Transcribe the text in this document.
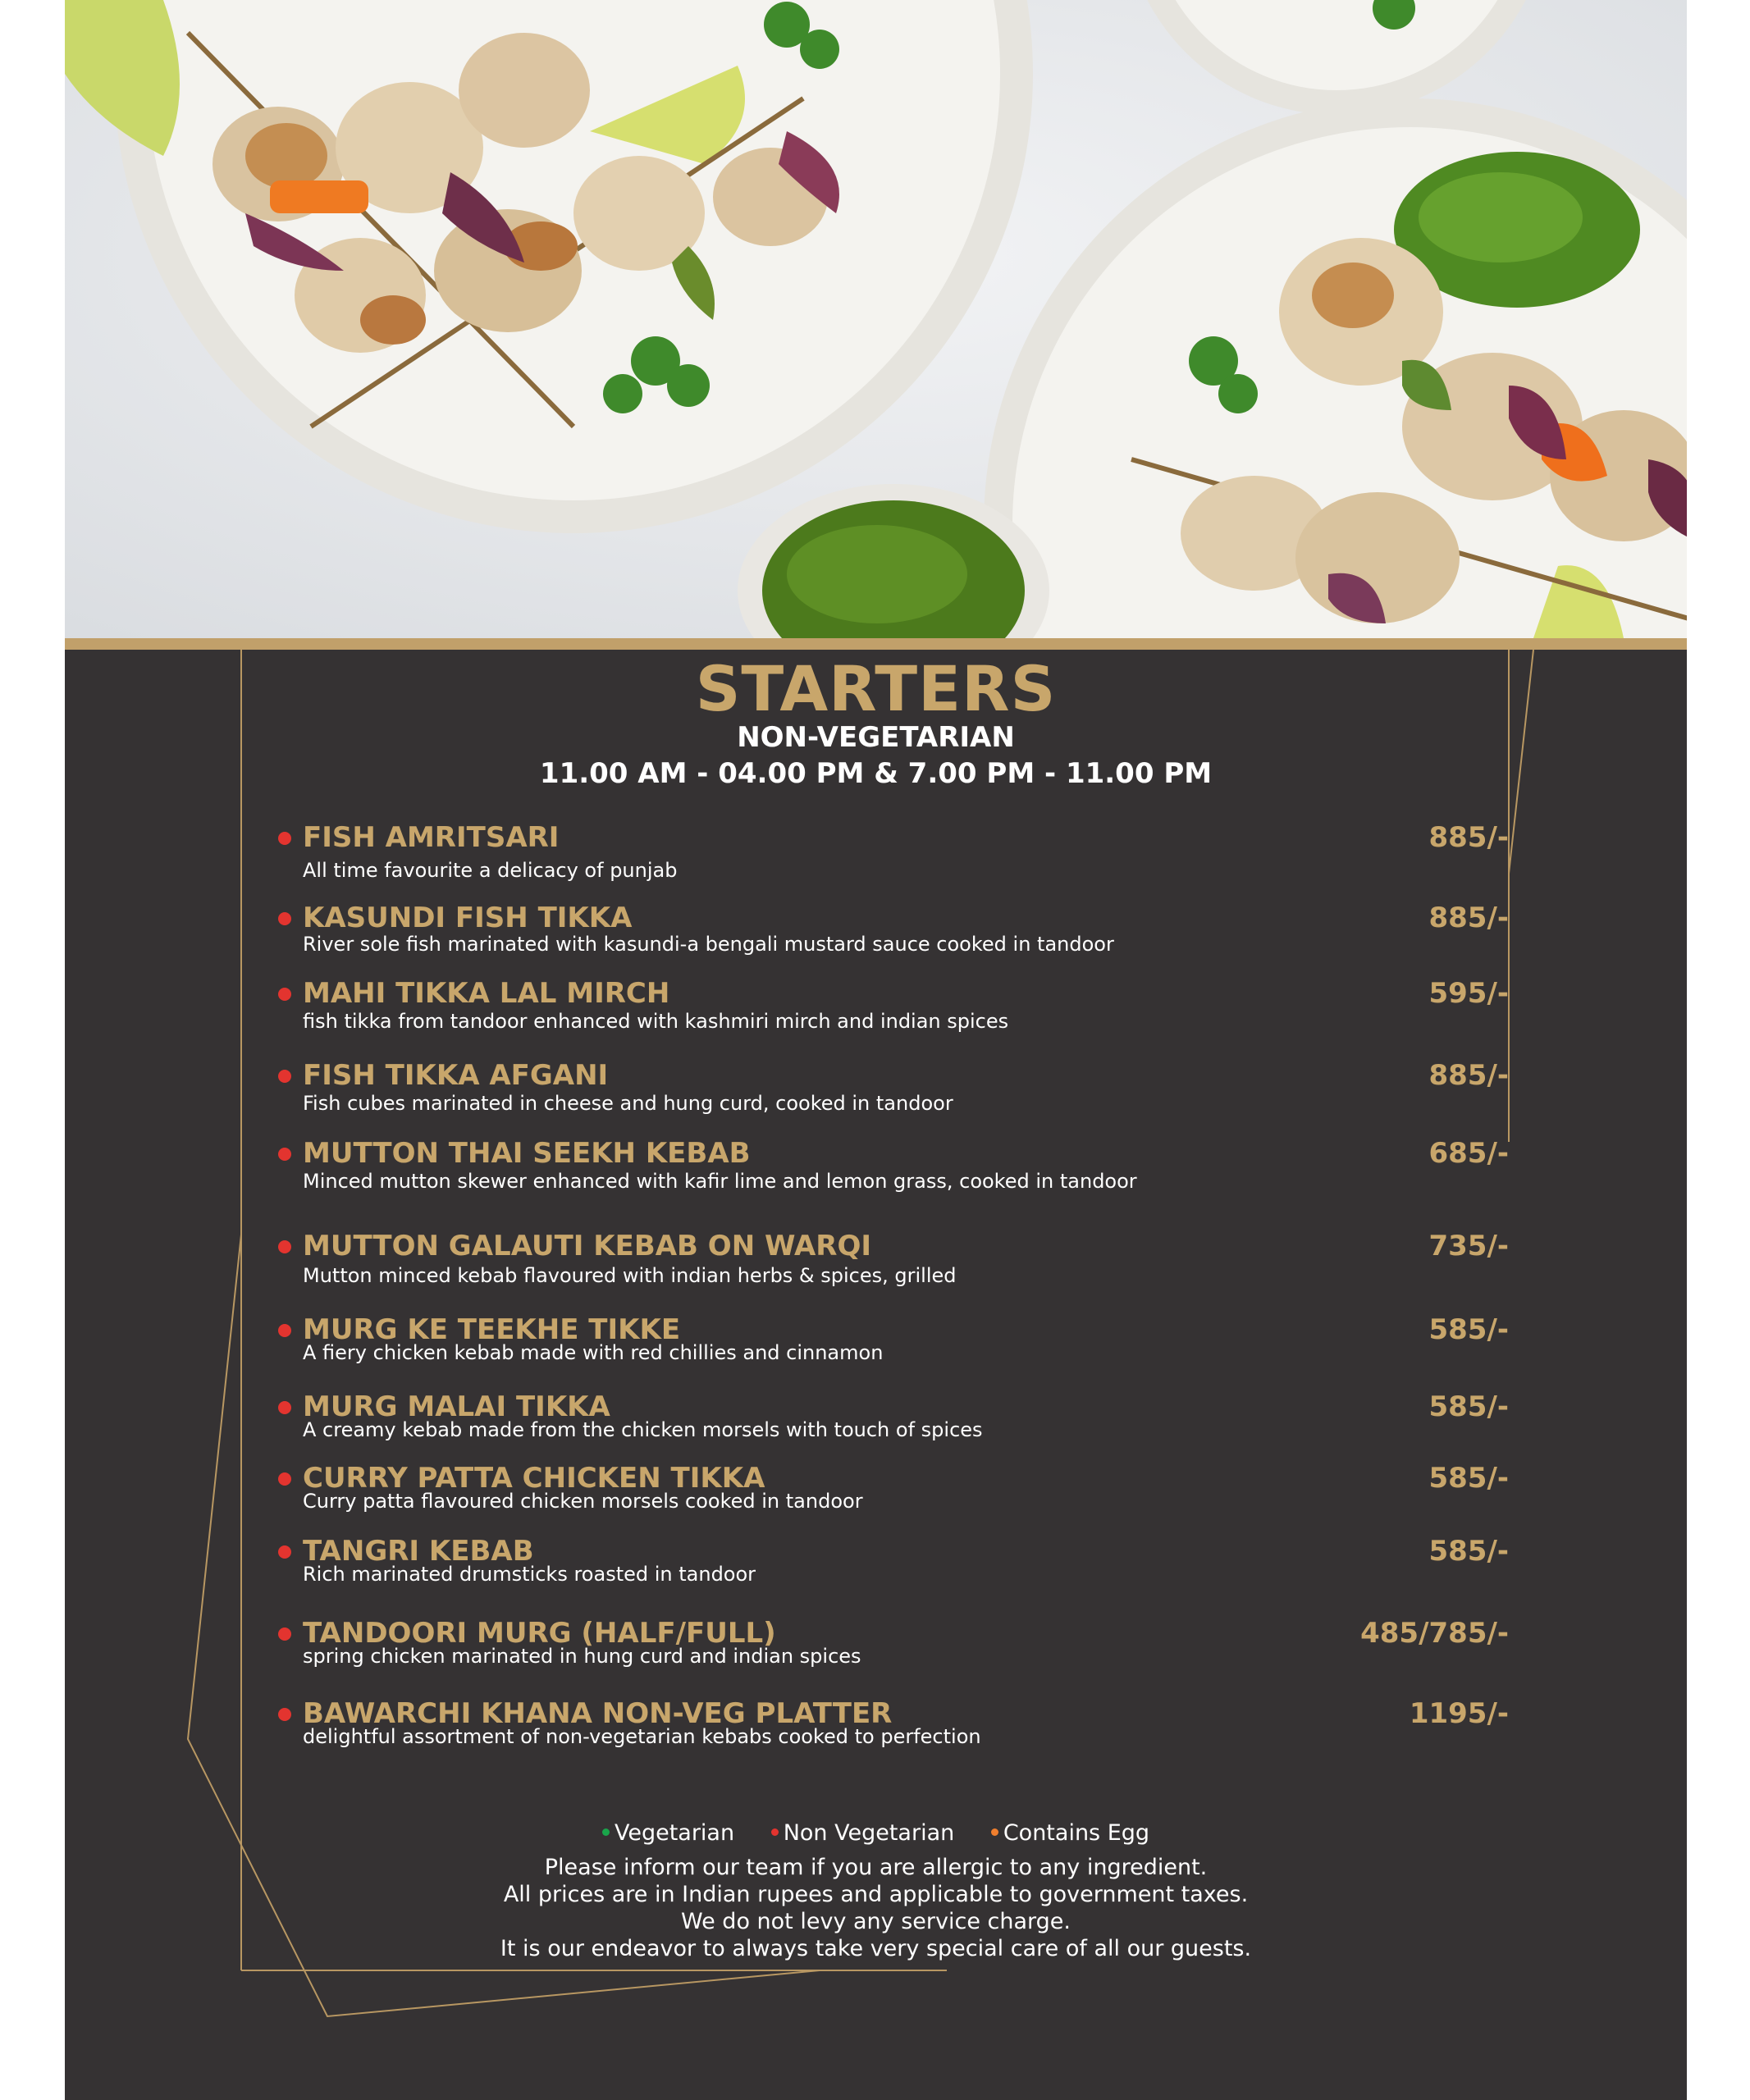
STARTERS
NON-VEGETARIAN
11.00 AM - 04.00 PM & 7.00 PM - 11.00 PM
FISH AMRITSARI	885/-
All time favourite a delicacy of punjab
KASUNDI FISH TIKKA	885/-
River sole fish marinated with kasundi-a bengali mustard sauce cooked in tandoor
MAHI TIKKA LAL MIRCH	595/-
fish tikka from tandoor enhanced with kashmiri mirch and indian spices
FISH TIKKA AFGANI	885/-
Fish cubes marinated in cheese and hung curd, cooked in tandoor
MUTTON THAI SEEKH KEBAB	685/-
Minced mutton skewer enhanced with kafir lime and lemon grass, cooked in tandoor
MUTTON GALAUTI KEBAB ON WARQI	735/-
Mutton minced kebab flavoured with indian herbs & spices, grilled
MURG KE TEEKHE TIKKE	585/-
A fiery chicken kebab made with red chillies and cinnamon
MURG MALAI TIKKA	585/-
A creamy kebab made from the chicken morsels with touch of spices
CURRY PATTA CHICKEN TIKKA	585/-
Curry patta flavoured chicken morsels cooked in tandoor
TANGRI KEBAB	585/-
Rich marinated drumsticks roasted in tandoor
TANDOORI MURG (HALF/FULL)	485/785/-
spring chicken marinated in hung curd and indian spices
BAWARCHI KHANA NON-VEG PLATTER	1195/-
delightful assortment of non-vegetarian kebabs cooked to perfection
Vegetarian Non Vegetarian Contains Egg
Please inform our team if you are allergic to any ingredient.
All prices are in Indian rupees and applicable to government taxes.
We do not levy any service charge.
It is our endeavor to always take very special care of all our guests.
